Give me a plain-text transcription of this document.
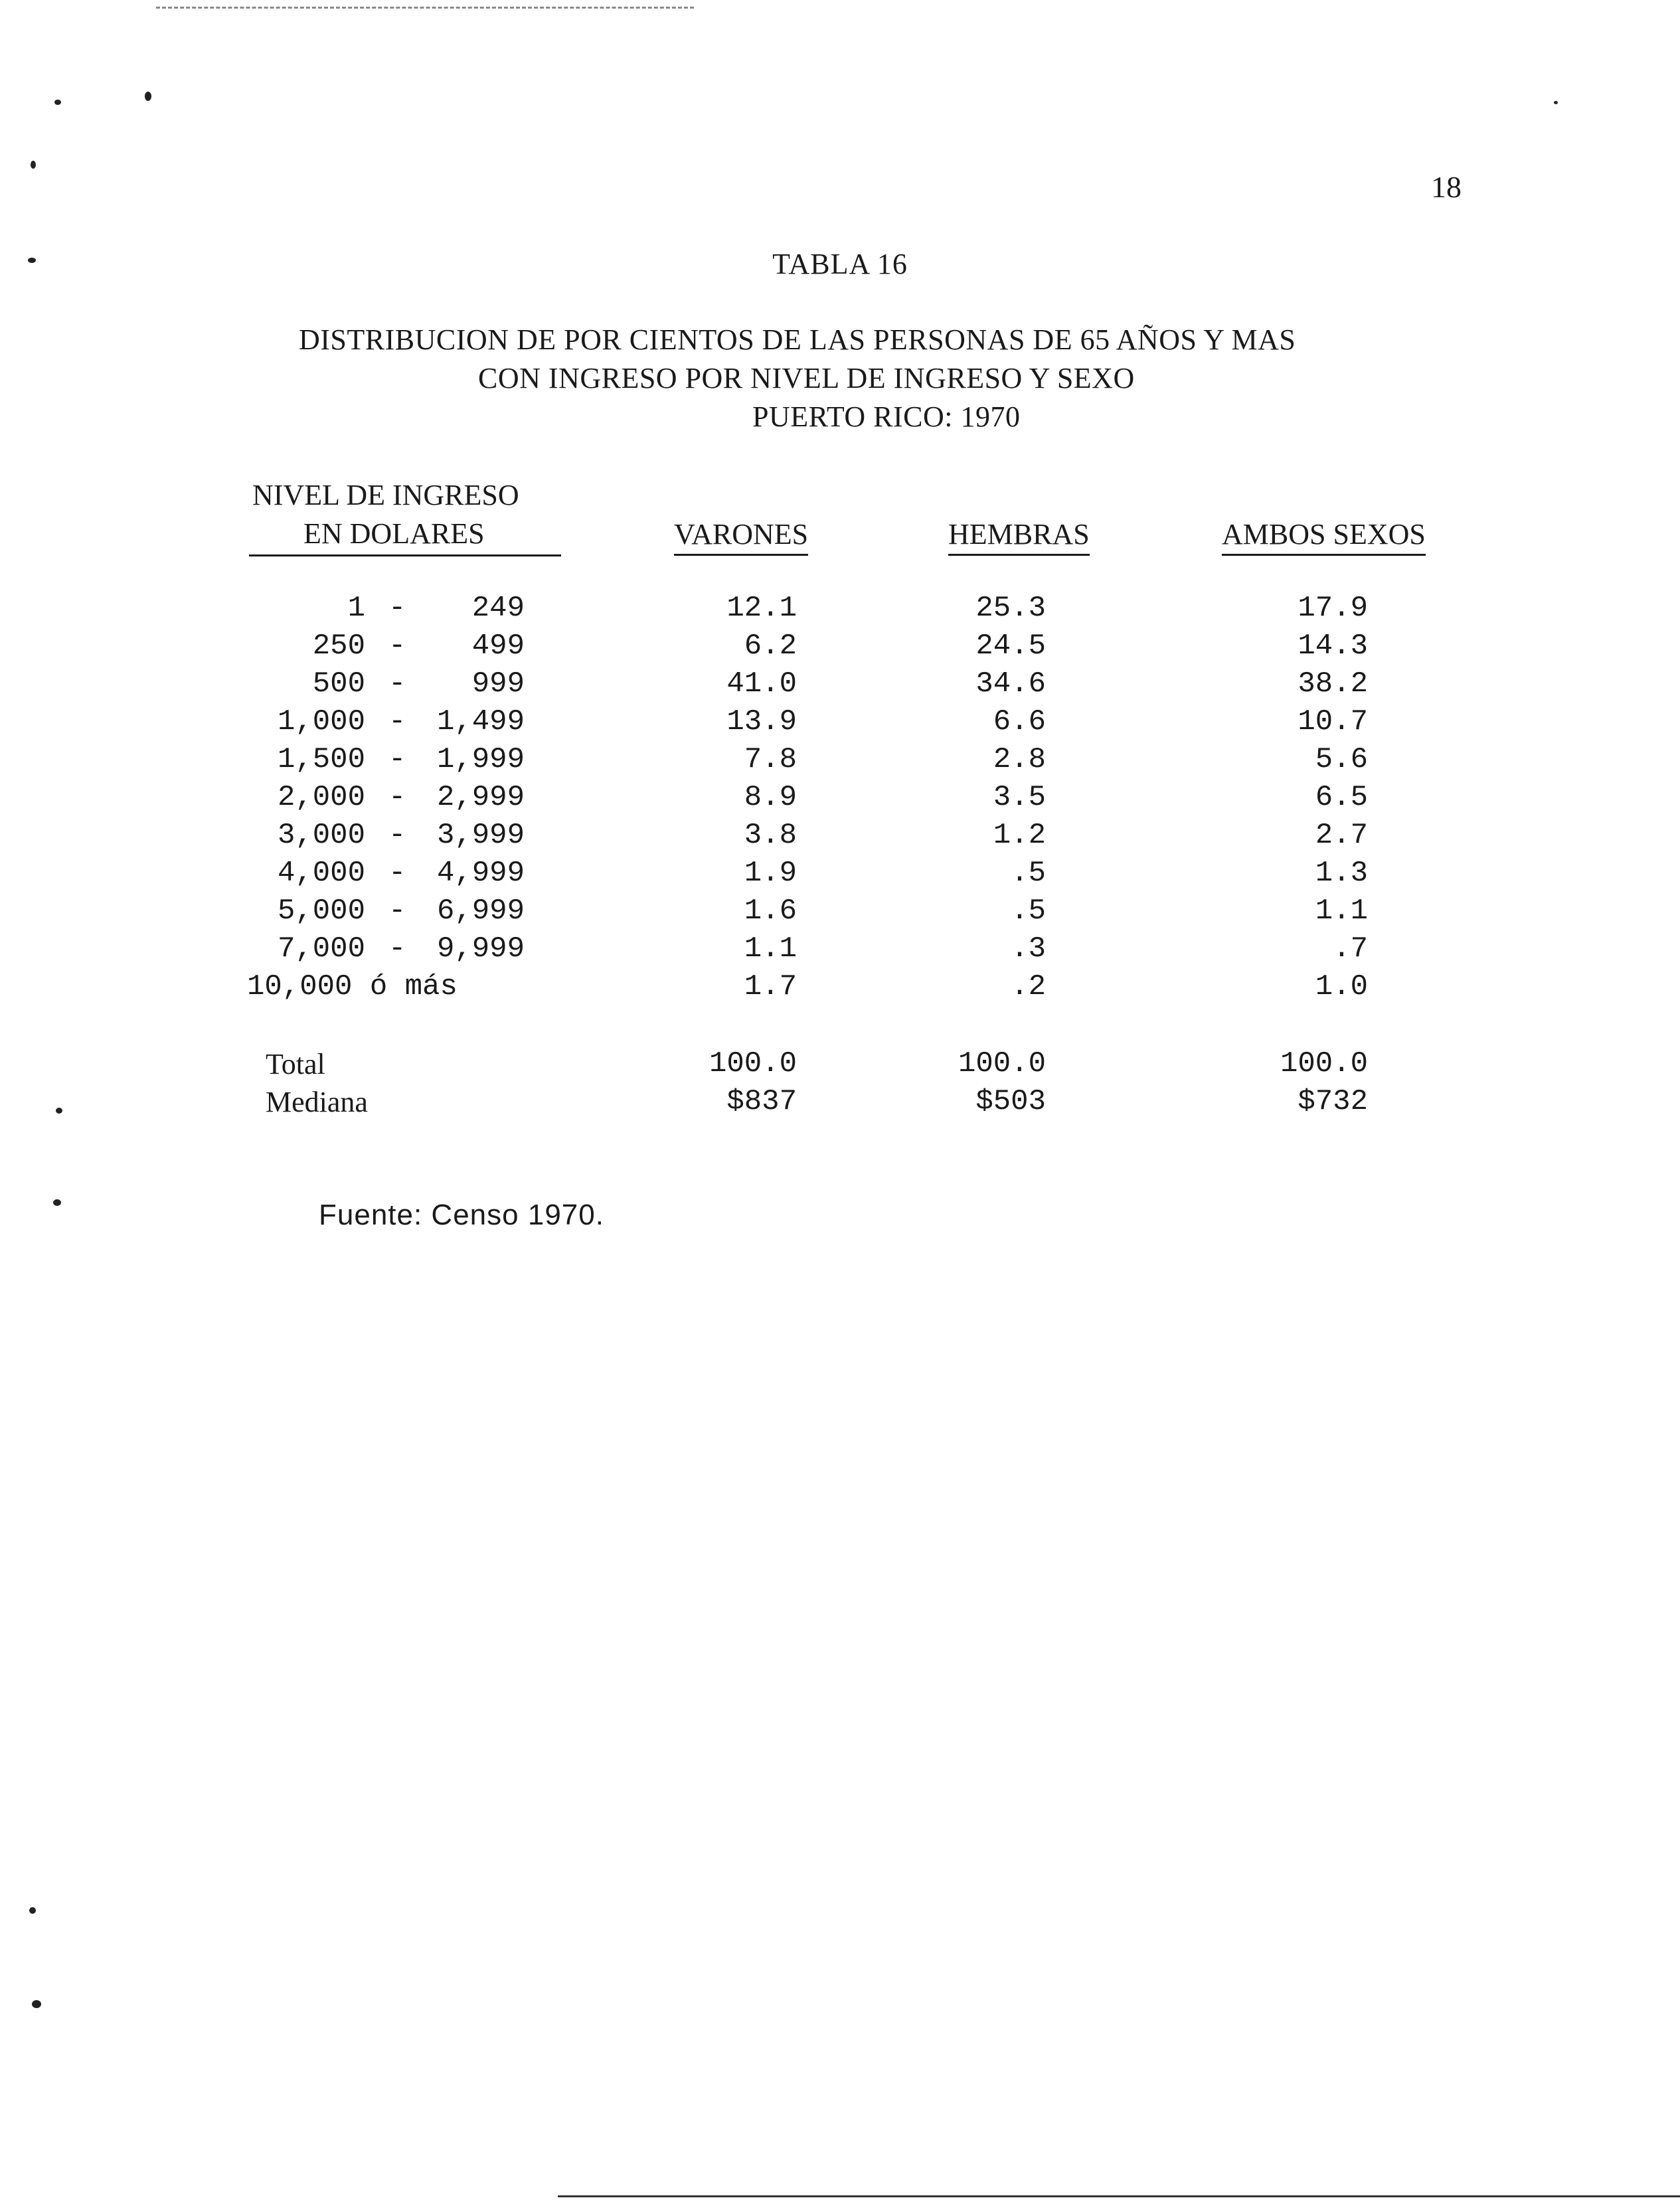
18
TABLA 16
DISTRIBUCION DE POR CIENTOS DE LAS PERSONAS DE 65 AÑOS Y MAS
CON INGRESO POR NIVEL DE INGRESO Y SEXO
PUERTO RICO: 1970
NIVEL DE INGRESO
EN DOLARES	VARONES	HEMBRAS	AMBOS SEXOS
1 - 249	12.1	25.3	17.9
250 - 499	6.2	24.5	14.3
500 - 999	41.0	34.6	38.2
1,000 - 1,499	13.9	6.6	10.7
1,500 - 1,999	7.8	2.8	5.6
2,000 - 2,999	8.9	3.5	6.5
3,000 - 3,999	3.8	1.2	2.7
4,000 - 4,999	1.9	.5	1.3
5,000 - 6,999	1.6	.5	1.1
7,000 - 9,999	1.1	.3	.7
10,000 ó más	1.7	.2	1.0
Total	100.0	100.0	100.0
Mediana	$837	$503	$732
Fuente: Censo 1970.
